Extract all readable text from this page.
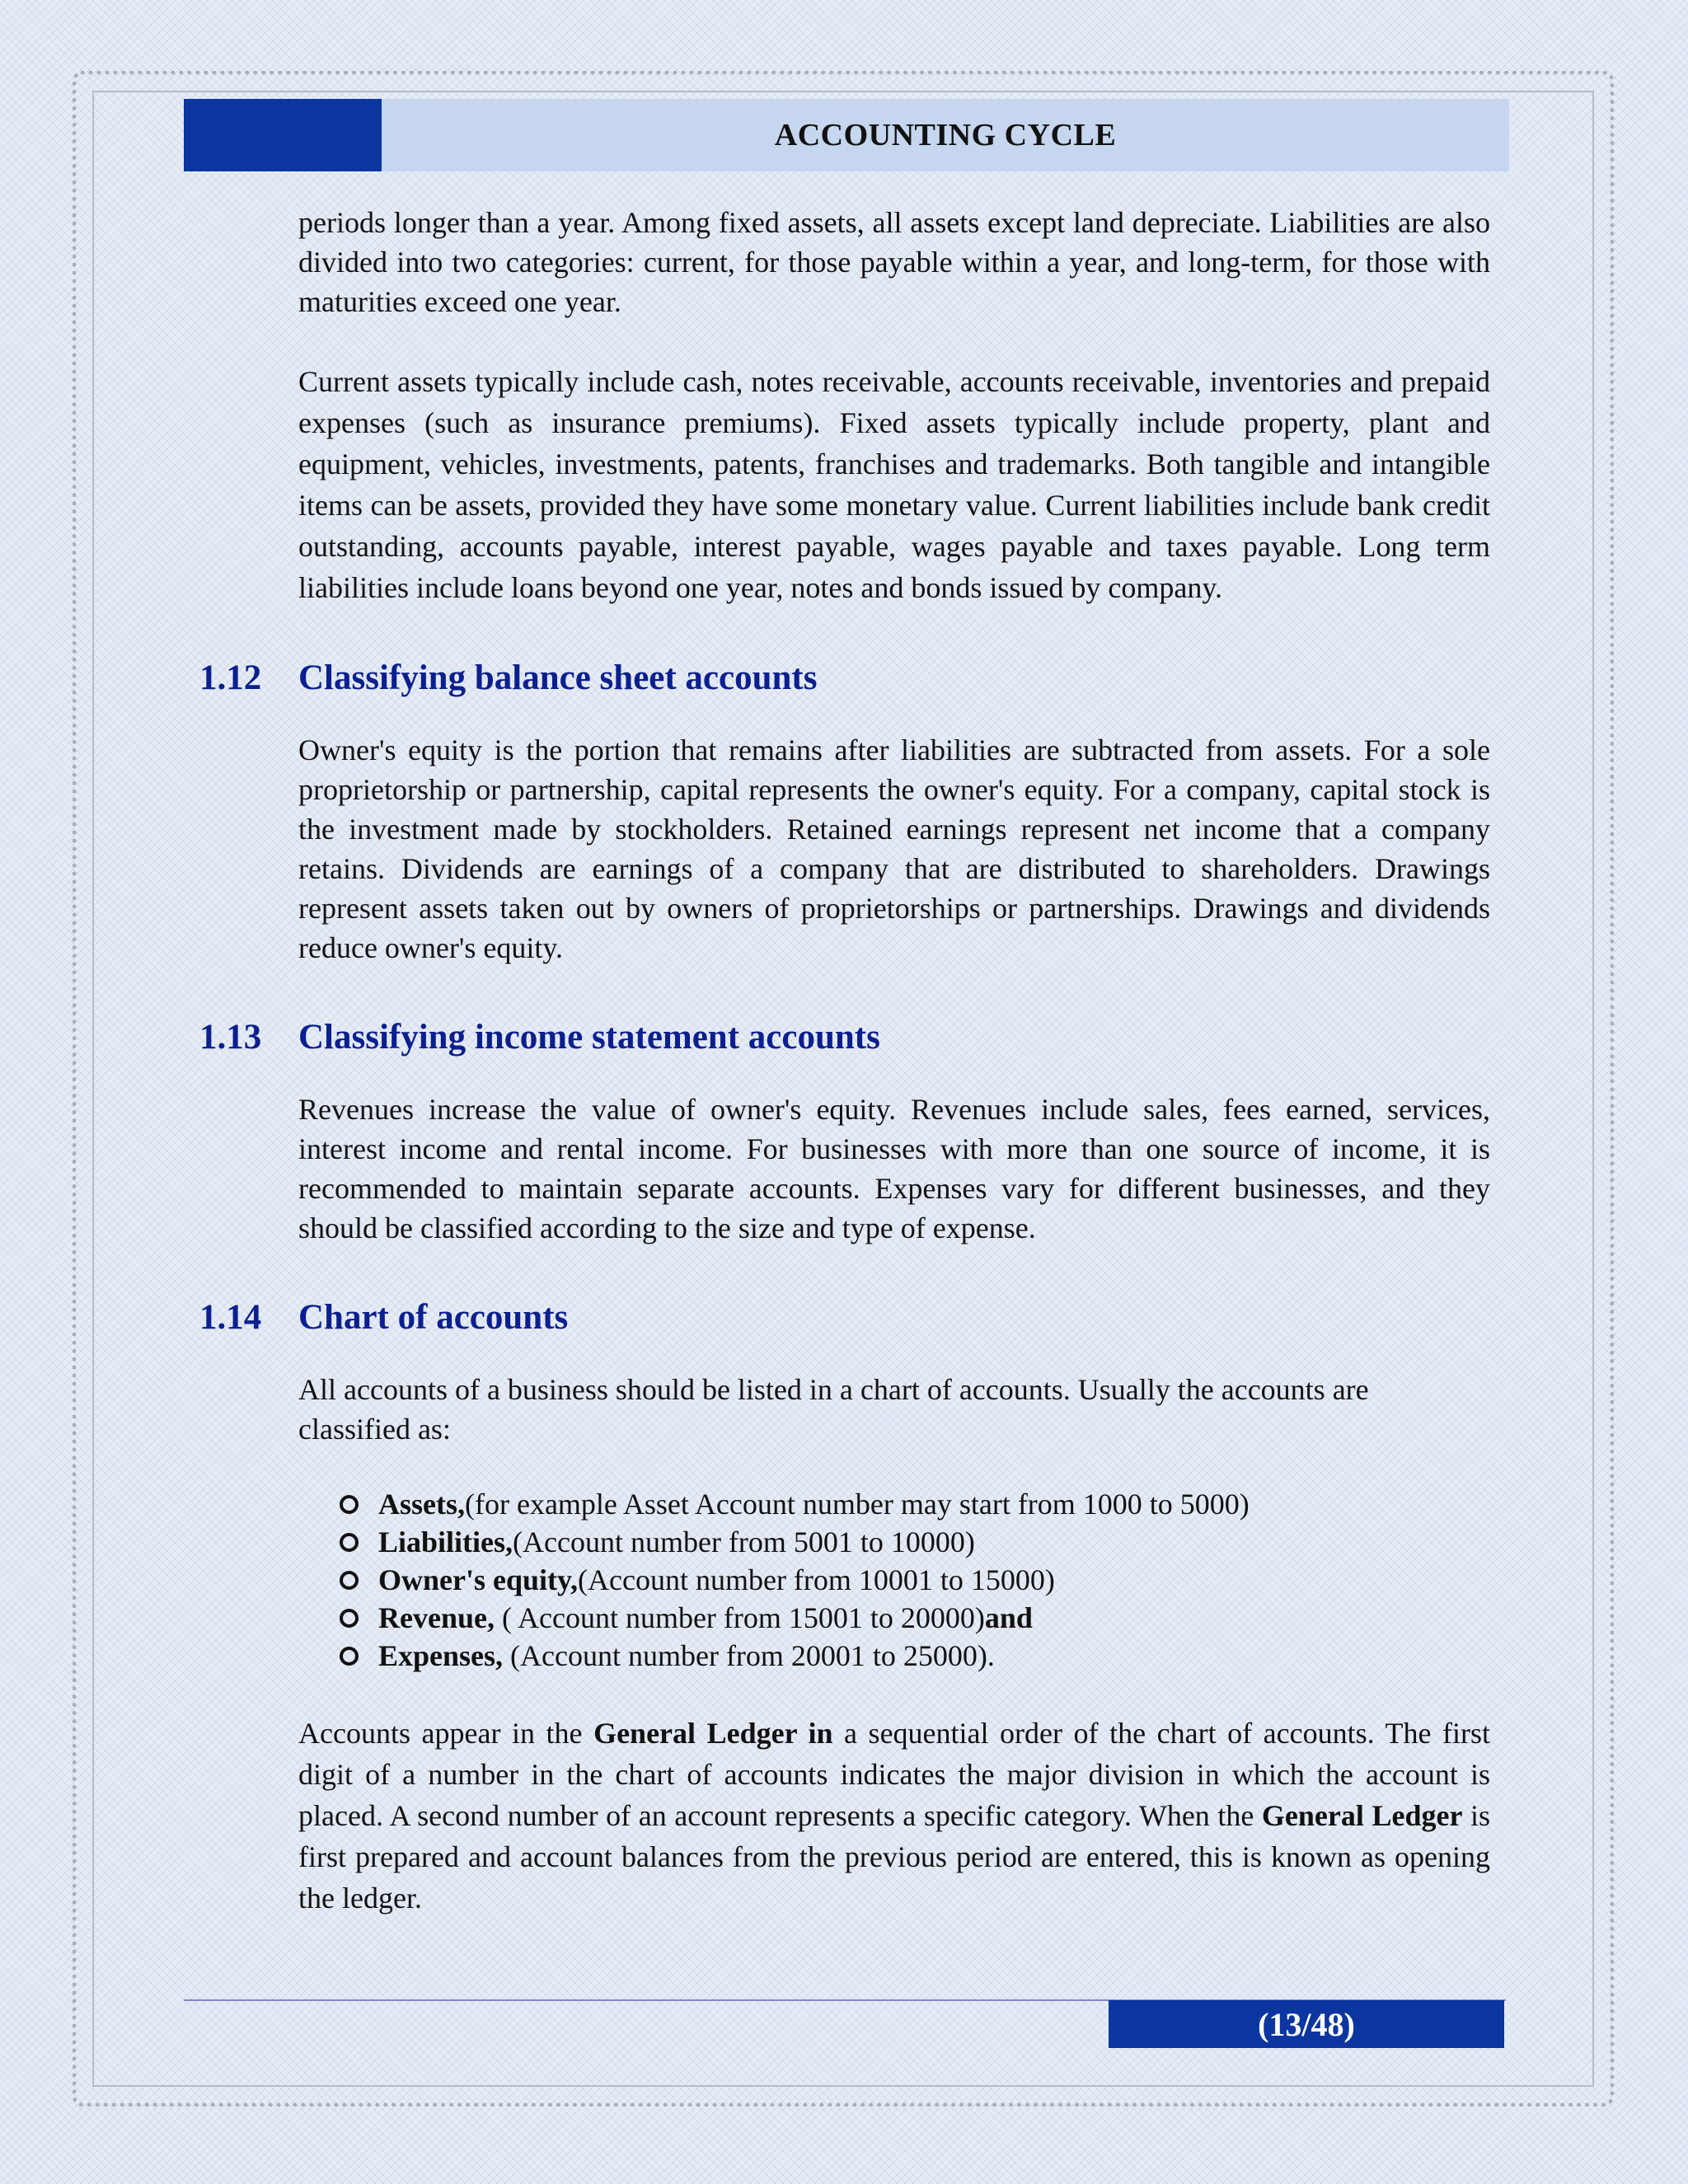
ACCOUNTING CYCLE

periods longer than a year. Among fixed assets, all assets except land depreciate. Liabilities are also divided into two categories: current, for those payable within a year, and long-term, for those with maturities exceed one year.

Current assets typically include cash, notes receivable, accounts receivable, inventories and prepaid expenses (such as insurance premiums). Fixed assets typically include property, plant and equipment, vehicles, investments, patents, franchises and trademarks. Both tangible and intangible items can be assets, provided they have some monetary value. Current liabilities include bank credit outstanding, accounts payable, interest payable, wages payable and taxes payable. Long term liabilities include loans beyond one year, notes and bonds issued by company.

1.12 Classifying balance sheet accounts

Owner's equity is the portion that remains after liabilities are subtracted from assets. For a sole proprietorship or partnership, capital represents the owner's equity. For a company, capital stock is the investment made by stockholders. Retained earnings represent net income that a company retains. Dividends are earnings of a company that are distributed to shareholders. Drawings represent assets taken out by owners of proprietorships or partnerships. Drawings and dividends reduce owner's equity.

1.13 Classifying income statement accounts

Revenues increase the value of owner's equity. Revenues include sales, fees earned, services, interest income and rental income. For businesses with more than one source of income, it is recommended to maintain separate accounts. Expenses vary for different businesses, and they should be classified according to the size and type of expense.

1.14 Chart of accounts

All accounts of a business should be listed in a chart of accounts. Usually the accounts are classified as:

Assets,(for example Asset Account number may start from 1000 to 5000)
Liabilities,(Account number from 5001 to 10000)
Owner's equity,(Account number from 10001 to 15000)
Revenue, ( Account number from 15001 to 20000)and
Expenses, (Account number from 20001 to 25000).

Accounts appear in the General Ledger in a sequential order of the chart of accounts. The first digit of a number in the chart of accounts indicates the major division in which the account is placed. A second number of an account represents a specific category. When the General Ledger is first prepared and account balances from the previous period are entered, this is known as opening the ledger.

(13/48)
